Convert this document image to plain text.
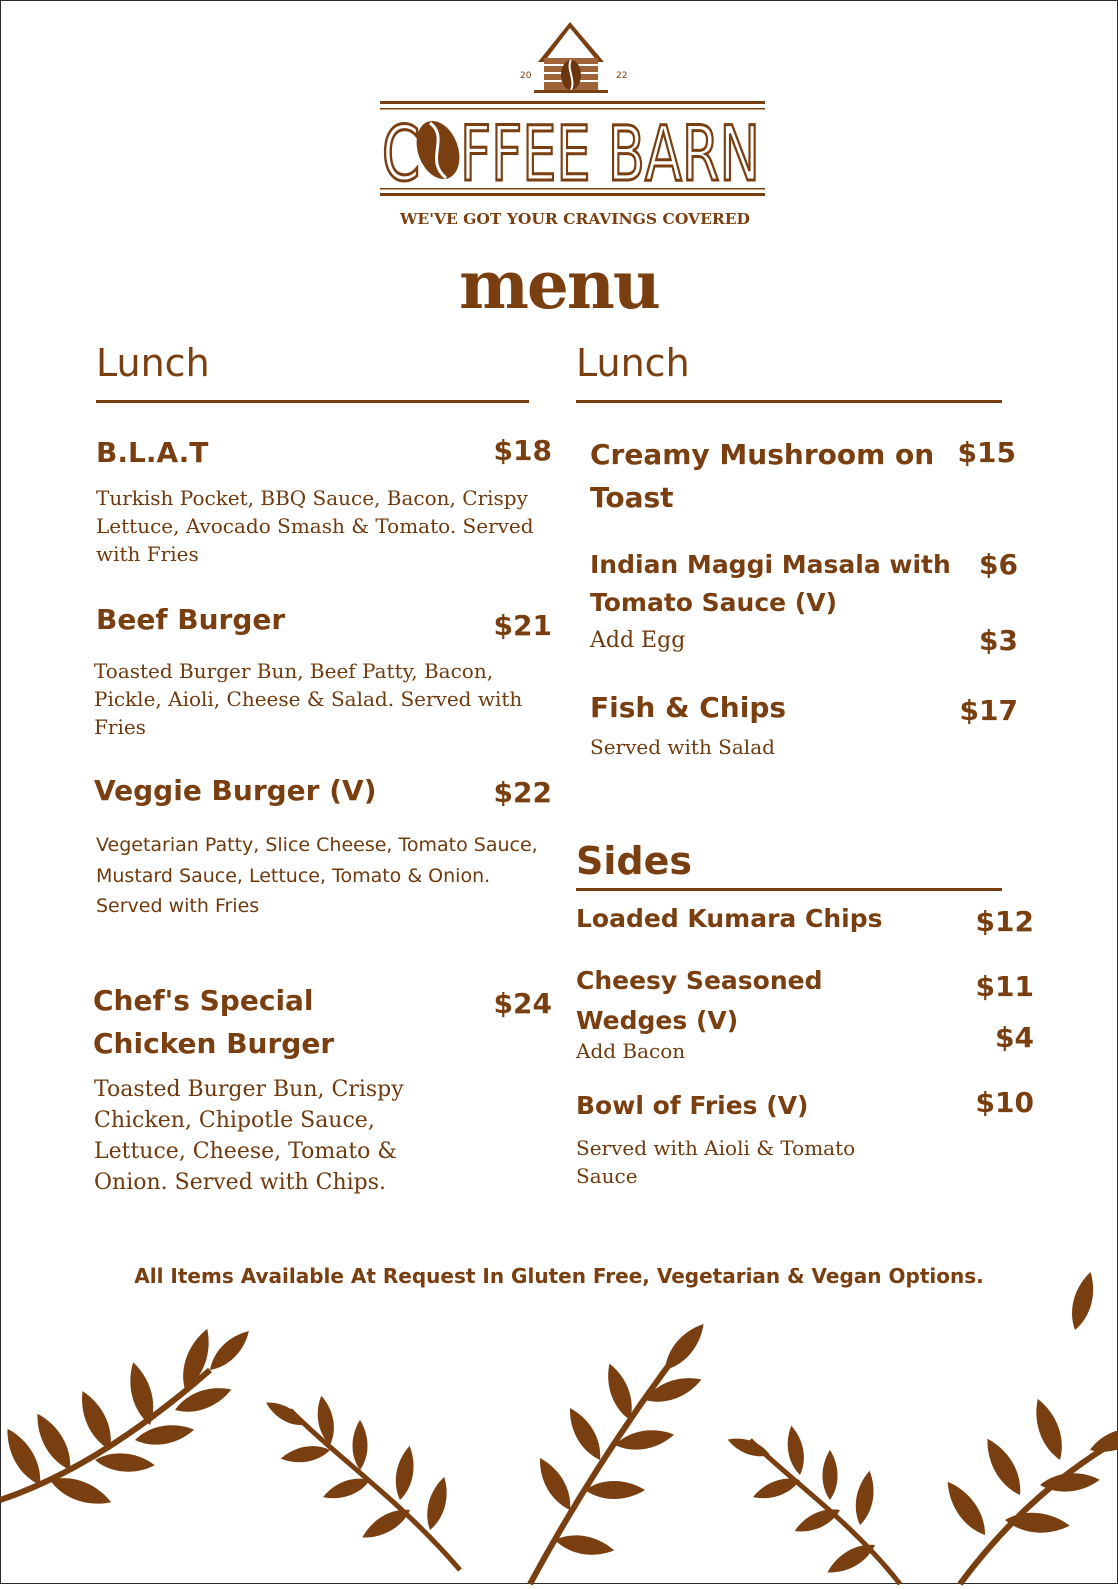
20	22
C FFEE BARN
WE'VE GOT YOUR CRAVINGS COVERED
menu
Lunch
B.L.A.T	$18
Turkish Pocket, BBQ Sauce, Bacon, Crispy Lettuce, Avocado Smash & Tomato. Served with Fries
Beef Burger	$21
Toasted Burger Bun, Beef Patty, Bacon, Pickle, Aioli, Cheese & Salad. Served with Fries
Veggie Burger (V)	$22
Vegetarian Patty, Slice Cheese, Tomato Sauce, Mustard Sauce, Lettuce, Tomato & Onion. Served with Fries
Chef's Special Chicken Burger
$24
Toasted Burger Bun, Crispy Chicken, Chipotle Sauce, Lettuce, Cheese, Tomato & Onion. Served with Chips.
Lunch
Creamy Mushroom on Toast
$15
Indian Maggi Masala with Tomato Sauce (V)
$6
Add Egg	$3
Fish & Chips	$17
Served with Salad
Sides
Loaded Kumara Chips	$12
Cheesy Seasoned Wedges (V)
$11
Add Bacon	$4
Bowl of Fries (V)	$10
Served with Aioli & Tomato Sauce
All Items Available At Request In Gluten Free, Vegetarian & Vegan Options.
